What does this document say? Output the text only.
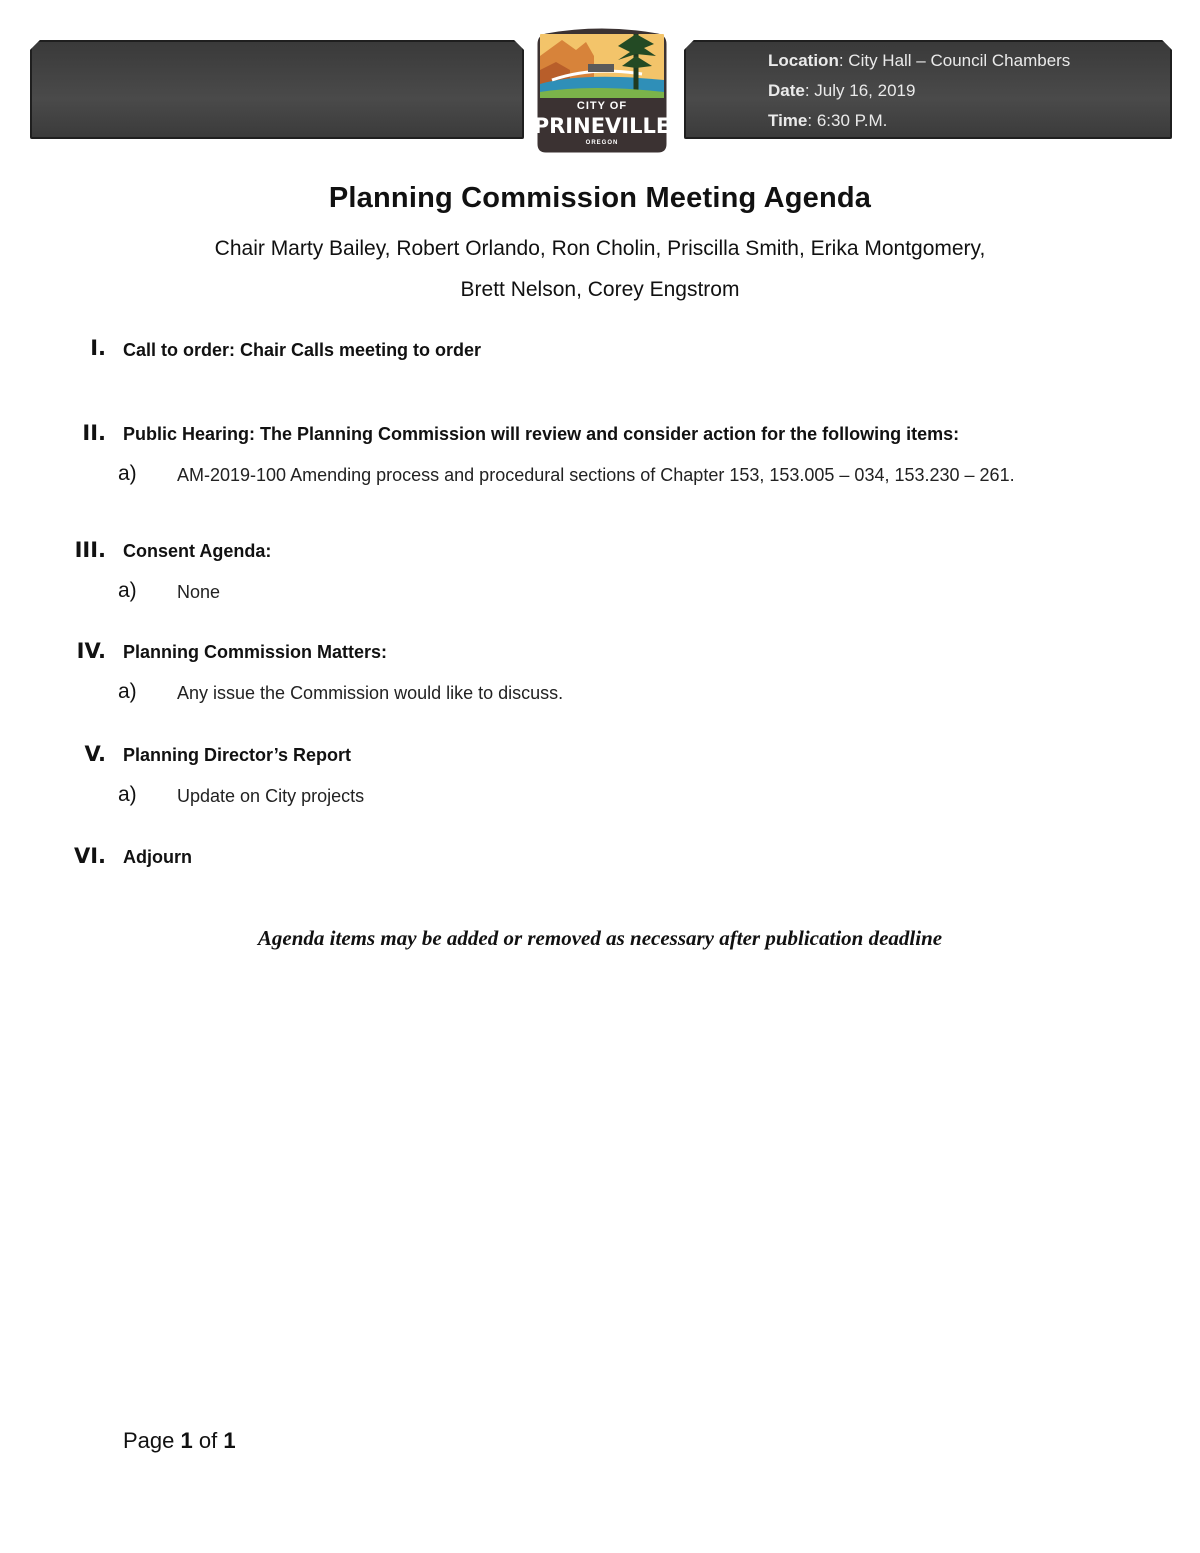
Location: City Hall – Council Chambers
Date: July 16, 2019
Time: 6:30 P.M.
CITY OF
PRINEVILLE
OREGON
Planning Commission Meeting Agenda
Chair Marty Bailey, Robert Orlando, Ron Cholin, Priscilla Smith, Erika Montgomery,
Brett Nelson, Corey Engstrom
I. Call to order: Chair Calls meeting to order
II. Public Hearing: The Planning Commission will review and consider action for the following items:
a) AM-2019-100 Amending process and procedural sections of Chapter 153, 153.005 – 034, 153.230 – 261.
III. Consent Agenda:
a) None
IV. Planning Commission Matters:
a) Any issue the Commission would like to discuss.
V. Planning Director’s Report
a) Update on City projects
VI. Adjourn
Agenda items may be added or removed as necessary after publication deadline
Page 1 of 1
